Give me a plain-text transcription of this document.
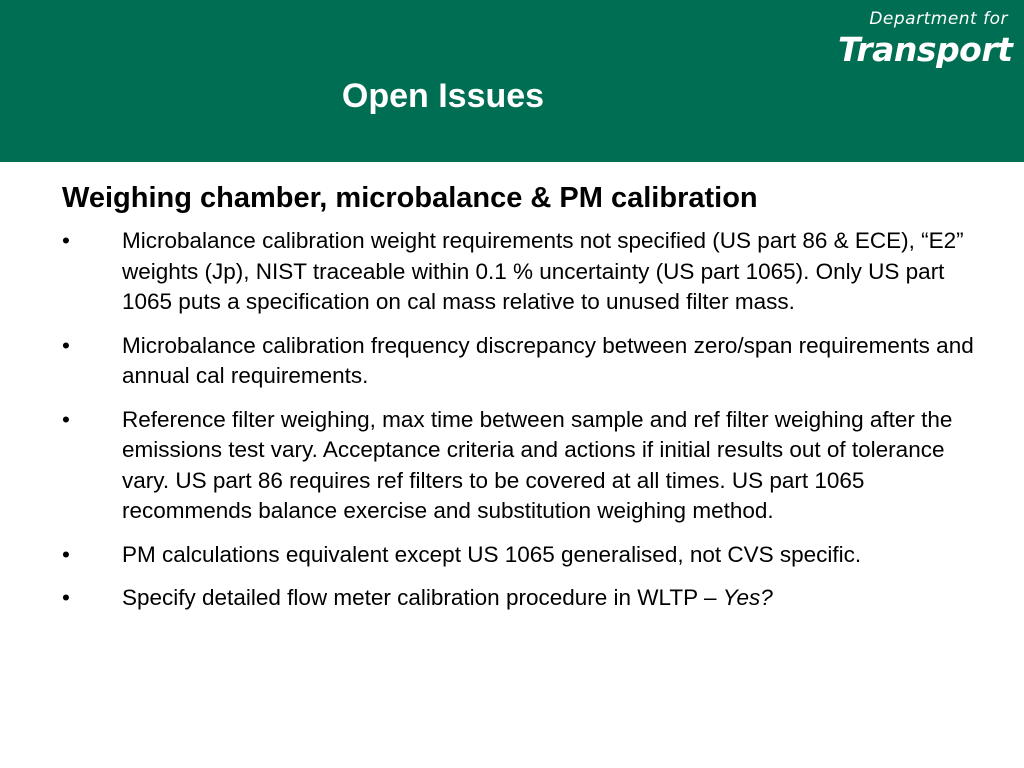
Open Issues
Department for
Transport
Weighing chamber, microbalance & PM calibration
• Microbalance calibration weight requirements not specified (US part 86 & ECE), “E2” weights (Jp), NIST traceable within 0.1 % uncertainty (US part 1065). Only US part 1065 puts a specification on cal mass relative to unused filter mass.
• Microbalance calibration frequency discrepancy between zero/span requirements and annual cal requirements.
• Reference filter weighing, max time between sample and ref filter weighing after the emissions test vary. Acceptance criteria and actions if initial results out of tolerance vary. US part 86 requires ref filters to be covered at all times. US part 1065 recommends balance exercise and substitution weighing method.
• PM calculations equivalent except US 1065 generalised, not CVS specific.
• Specify detailed flow meter calibration procedure in WLTP – Yes?
